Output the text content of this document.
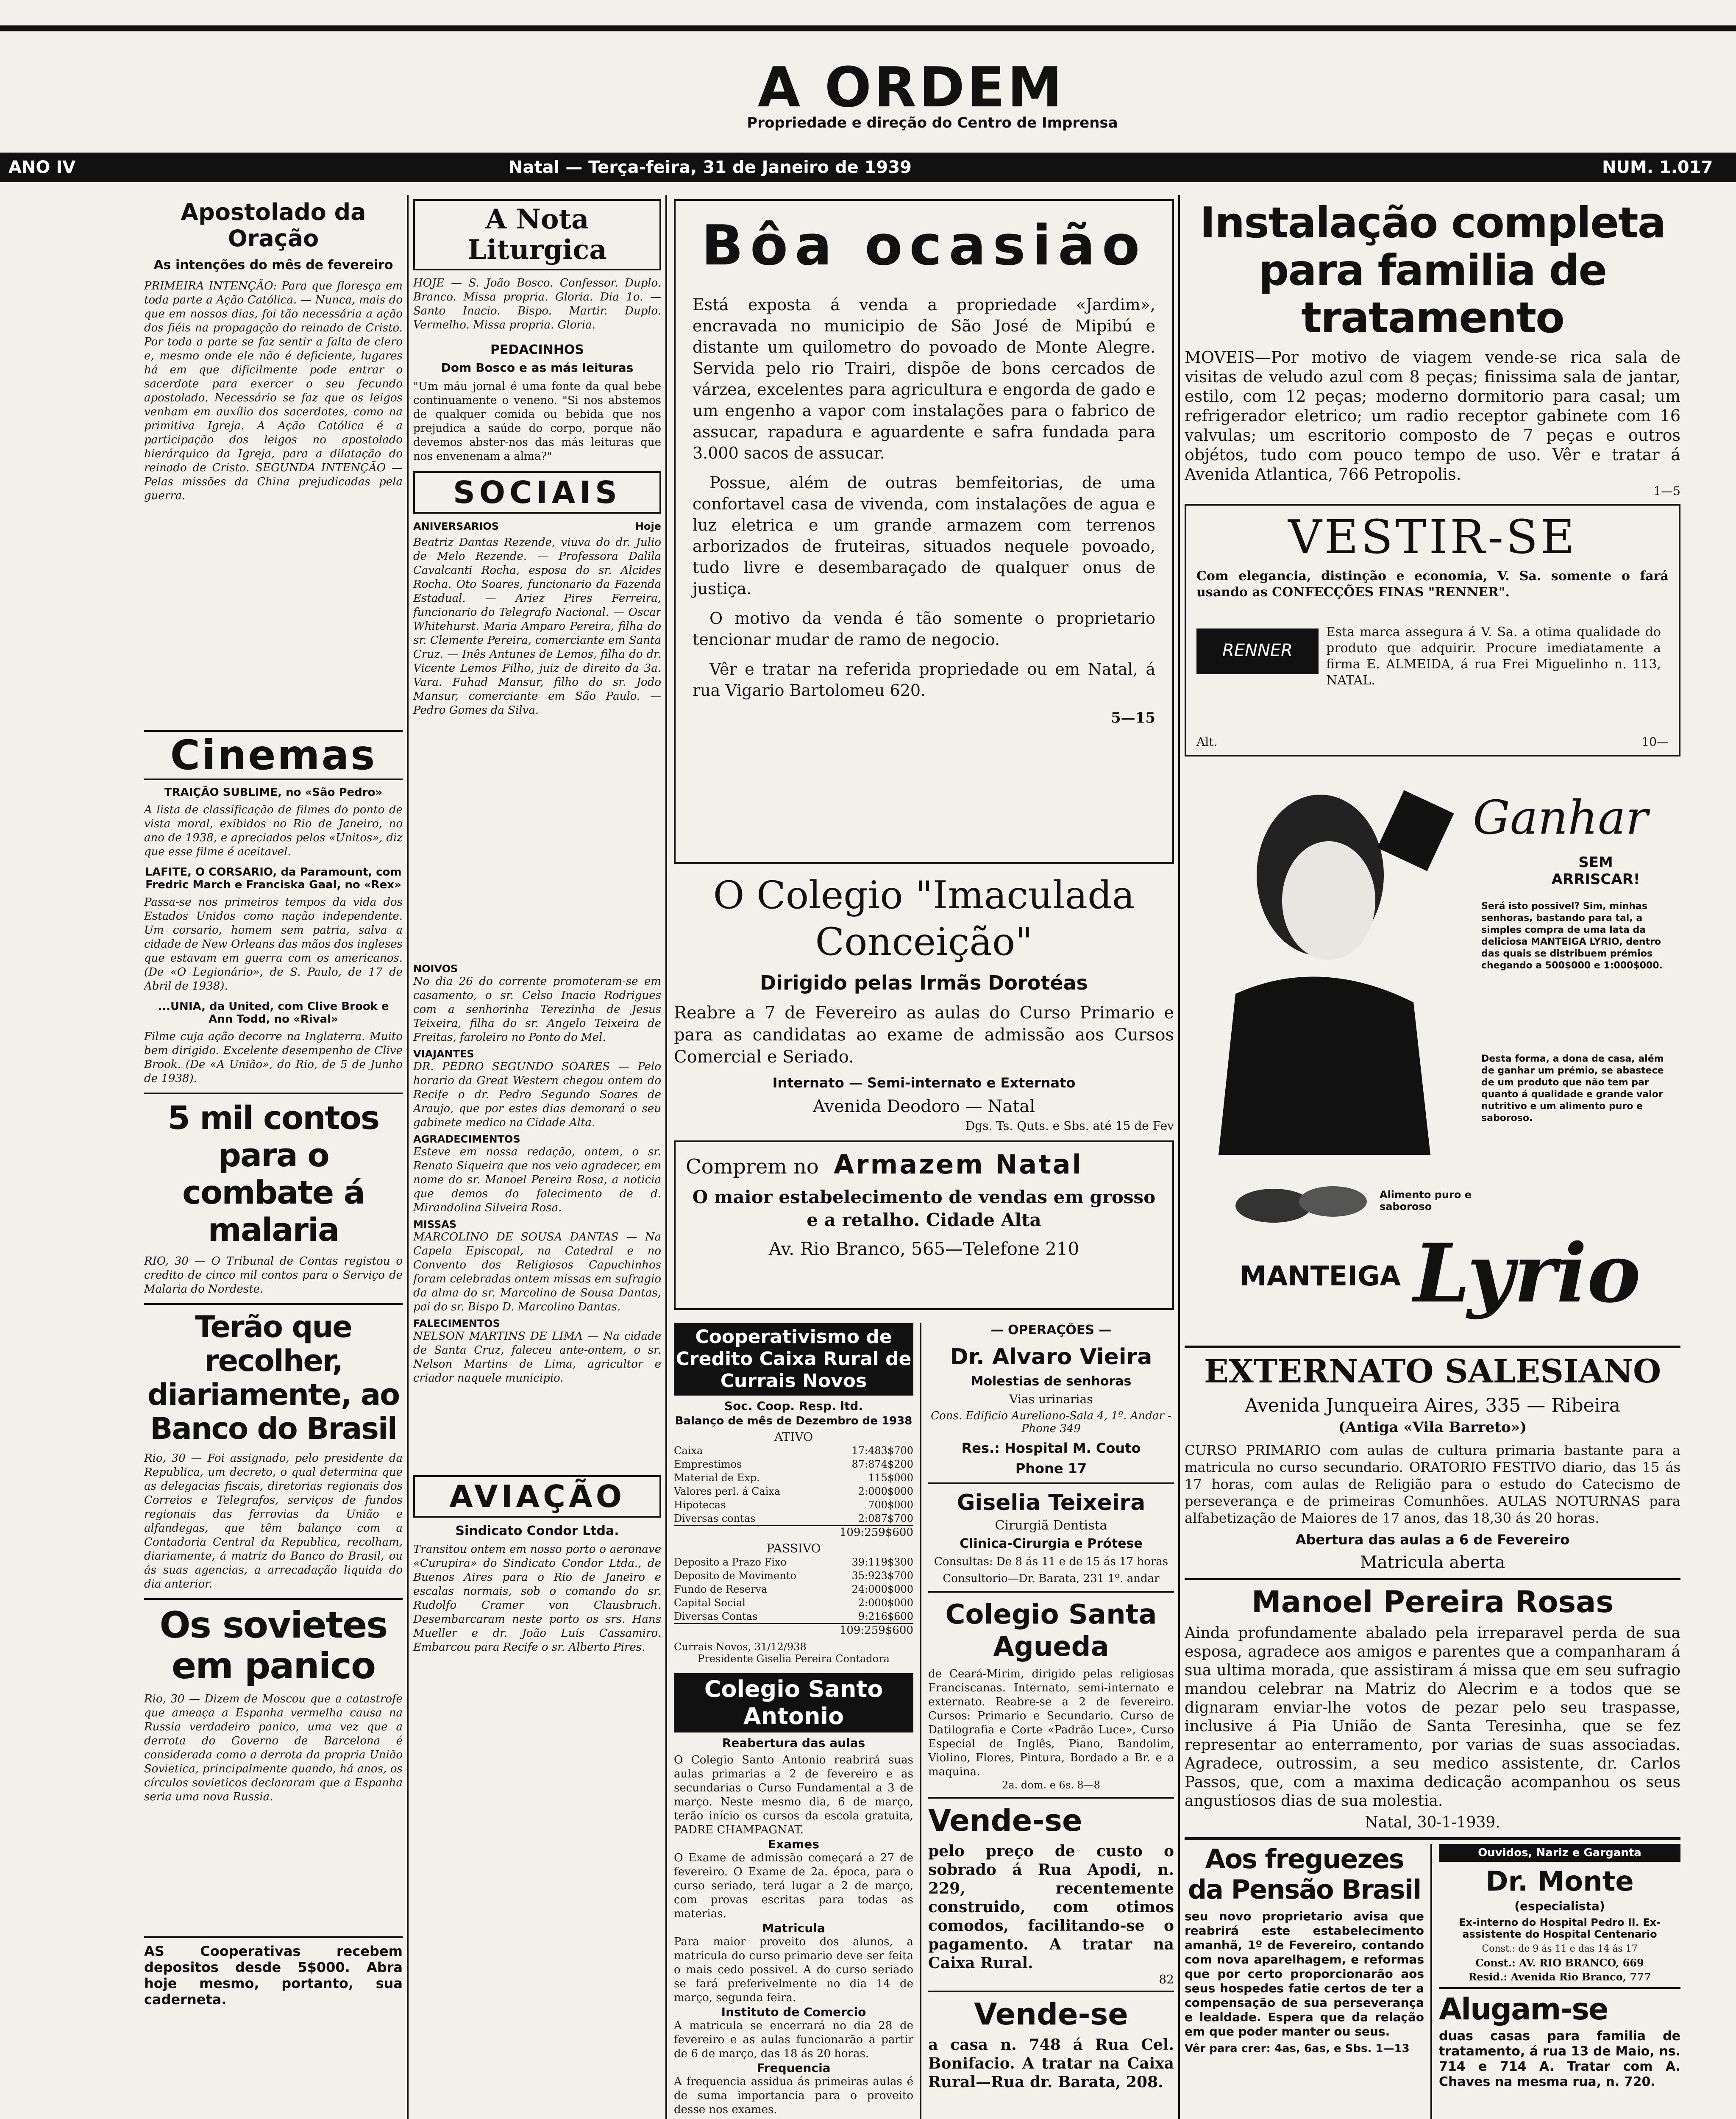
A ORDEM
Propriedade e direção do Centro de Imprensa
ANO IV	Natal — Terça-feira, 31 de Janeiro de 1939	NUM. 1.017
Apostolado da Oração
As intenções do mês de fevereiro

PRIMEIRA INTENÇÃO: Para que floresça em toda parte a Ação Católica. — Nunca, mais do que em nossos dias, foi tão necessária a ação dos fiéis na propagação do reinado de Cristo. Por toda a parte se faz sentir a falta de clero e, mesmo onde ele não é deficiente, lugares há em que dificilmente pode entrar o sacerdote para exercer o seu fecundo apostolado. Necessário se faz que os leigos venham em auxílio dos sacerdotes, como na primitiva Igreja. A Ação Católica é a participação dos leigos no apostolado hierárquico da Igreja, para a dilatação do reinado de Cristo. SEGUNDA INTENÇÃO — Pelas missões da China prejudicadas pela guerra.

Cinemas
TRAIÇÃO SUBLIME, no «São Pedro»

A lista de classificação de filmes do ponto de vista moral, exibidos no Rio de Janeiro, no ano de 1938, e apreciados pelos «Unitos», diz que esse filme é aceitavel.

LAFITE, O CORSARIO, da Paramount, com Fredric March e Franciska Gaal, no «Rex»

Passa-se nos primeiros tempos da vida dos Estados Unidos como nação independente. Um corsario, homem sem patria, salva a cidade de New Orleans das mãos dos ingleses que estavam em guerra com os americanos. (De «O Legionário», de S. Paulo, de 17 de Abril de 1938).

...UNIA, da United, com Clive Brook e Ann Todd, no «Rival»

Filme cuja ação decorre na Inglaterra. Muito bem dirigido. Excelente desempenho de Clive Brook. (De «A União», do Rio, de 5 de Junho de 1938).

5 mil contos para o combate á malaria

RIO, 30 — O Tribunal de Contas registou o credito de cinco mil contos para o Serviço de Malaria do Nordeste.

Terão que recolher, diariamente, ao Banco do Brasil

Rio, 30 — Foi assignado, pelo presidente da Republica, um decreto, o qual determina que as delegacias fiscais, diretorias regionais dos Correios e Telegrafos, serviços de fundos regionais das ferrovias da União e alfandegas, que têm balanço com a Contadoria Central da Republica, recolham, diariamente, á matriz do Banco do Brasil, ou ás suas agencias, a arrecadação liquida do dia anterior.

Os sovietes em panico

Rio, 30 — Dizem de Moscou que a catastrofe que ameaça a Espanha vermelha causa na Russia verdadeiro panico, uma vez que a derrota do Governo de Barcelona é considerada como a derrota da propria União Sovietica, principalmente quando, há anos, os círculos sovieticos declararam que a Espanha seria uma nova Russia.

AS Cooperativas recebem depositos desde 5$000. Abra hoje mesmo, portanto, sua caderneta.

A Nota Liturgica

HOJE — S. João Bosco. Confessor. Duplo. Branco. Missa propria. Gloria. Dia 1o. — Santo Inacio. Bispo. Martir. Duplo. Vermelho. Missa propria. Gloria.

PEDACINHOS
Dom Bosco e as más leituras

"Um máu jornal é uma fonte da qual bebe continuamente o veneno. "Si nos abstemos de qualquer comida ou bebida que nos prejudica a saúde do corpo, porque não devemos abster-nos das más leituras que nos envenenam a alma?"

SOCIAIS
ANIVERSARIOS	Hoje

Beatriz Dantas Rezende, viuva do dr. Julio de Melo Rezende. — Professora Dalila Cavalcanti Rocha, esposa do sr. Alcides Rocha. Oto Soares, funcionario da Fazenda Estadual. — Ariez Pires Ferreira, funcionario do Telegrafo Nacional. — Oscar Whitehurst. Maria Amparo Pereira, filha do sr. Clemente Pereira, comerciante em Santa Cruz. — Inês Antunes de Lemos, filha do dr. Vicente Lemos Filho, juiz de direito da 3a. Vara. Fuhad Mansur, filho do sr. Jodo Mansur, comerciante em São Paulo. — Pedro Gomes da Silva.

NOIVOS

No dia 26 do corrente promoteram-se em casamento, o sr. Celso Inacio Rodrigues com a senhorinha Terezinha de Jesus Teixeira, filha do sr. Angelo Teixeira de Freitas, faroleiro no Ponto do Mel.

VIAJANTES

DR. PEDRO SEGUNDO SOARES — Pelo horario da Great Western chegou ontem do Recife o dr. Pedro Segundo Soares de Araujo, que por estes dias demorará o seu gabinete medico na Cidade Alta.

AGRADECIMENTOS

Esteve em nossa redação, ontem, o sr. Renato Siqueira que nos veio agradecer, em nome do sr. Manoel Pereira Rosa, a noticia que demos do falecimento de d. Mirandolina Silveira Rosa.

MISSAS

MARCOLINO DE SOUSA DANTAS — Na Capela Episcopal, na Catedral e no Convento dos Religiosos Capuchinhos foram celebradas ontem missas em sufragio da alma do sr. Marcolino de Sousa Dantas, pai do sr. Bispo D. Marcolino Dantas.

FALECIMENTOS

NELSON MARTINS DE LIMA — Na cidade de Santa Cruz, faleceu ante-ontem, o sr. Nelson Martins de Lima, agricultor e criador naquele municipio.

AVIAÇÃO
Sindicato Condor Ltda.

Transitou ontem em nosso porto o aeronave «Curupira» do Sindicato Condor Ltda., de Buenos Aires para o Rio de Janeiro e escalas normais, sob o comando do sr. Rudolfo Cramer von Clausbruch. Desembarcaram neste porto os srs. Hans Mueller e dr. João Luís Cassamiro. Embarcou para Recife o sr. Alberto Pires.

Bôa ocasião

Está exposta á venda a propriedade «Jardim», encravada no municipio de São José de Mipibú e distante um quilometro do povoado de Monte Alegre. Servida pelo rio Trairi, dispõe de bons cercados de várzea, excelentes para agricultura e engorda de gado e um engenho a vapor com instalações para o fabrico de assucar, rapadura e aguardente e safra fundada para 3.000 sacos de assucar.

Possue, além de outras bemfeitorias, de uma confortavel casa de vivenda, com instalações de agua e luz eletrica e um grande armazem com terrenos arborizados de fruteiras, situados nequele povoado, tudo livre e desembaraçado de qualquer onus de justiça.

O motivo da venda é tão somente o proprietario tencionar mudar de ramo de negocio.

Vêr e tratar na referida propriedade ou em Natal, á rua Vigario Bartolomeu 620.

5—15
O Colegio "Imaculada Conceição"
Dirigido pelas Irmãs Dorotéas

Reabre a 7 de Fevereiro as aulas do Curso Primario e para as candidatas ao exame de admissão aos Cursos Comercial e Seriado.

Internato — Semi-internato e Externato
Avenida Deodoro — Natal
Dgs. Ts. Quts. e Sbs. até 15 de Fev
Comprem no Armazem Natal

O maior estabelecimento de vendas em grosso e a retalho. Cidade Alta

Av. Rio Branco, 565—Telefone 210
Cooperativismo de Credito Caixa Rural de Currais Novos
Soc. Coop. Resp. ltd.
Balanço de mês de Dezembro de 1938
ATIVO
Caixa	17:483$700
Emprestimos	87:874$200
Material de Exp.	115$000
Valores perl. á Caixa	2:000$000
Hipotecas	700$000
Diversas contas	2:087$700
109:259$600
PASSIVO
Deposito a Prazo Fixo	39:119$300
Deposito de Movimento	35:923$700
Fundo de Reserva	24:000$000
Capital Social	2:000$000
Diversas Contas	9:216$600
109:259$600
Currais Novos, 31/12/938
Presidente Giselia Pereira Contadora
Colegio Santo Antonio
Reabertura das aulas

O Colegio Santo Antonio reabrirá suas aulas primarias a 2 de fevereiro e as secundarias o Curso Fundamental a 3 de março. Neste mesmo dia, 6 de março, terão início os cursos da escola gratuita, PADRE CHAMPAGNAT.

Exames

O Exame de admissão começará a 27 de fevereiro. O Exame de 2a. época, para o curso seriado, terá lugar a 2 de março, com provas escritas para todas as materias.

Matricula

Para maior proveito dos alunos, a matricula do curso primario deve ser feita o mais cedo possivel. A do curso seriado se fará preferivelmente no dia 14 de março, segunda feira.

Instituto de Comercio

A matricula se encerrará no dia 28 de fevereiro e as aulas funcionarão a partir de 6 de março, das 18 ás 20 horas.

Frequencia

A frequencia assidua ás primeiras aulas é de suma importancia para o proveito desse nos exames.

— OPERAÇÕES —
Dr. Alvaro Vieira
Molestias de senhoras
Vias urinarias
Cons. Edificio Aureliano-Sala 4, 1º. Andar - Phone 349
Res.: Hospital M. Couto
Phone 17
Giselia Teixeira
Cirurgiã Dentista
Clinica-Cirurgia e Prótese
Consultas: De 8 ás 11 e de 15 ás 17 horas
Consultorio—Dr. Barata, 231 1º. andar
Colegio Santa Agueda

de Ceará-Mirim, dirigido pelas religiosas Franciscanas. Internato, semi-internato e externato. Reabre-se a 2 de fevereiro. Cursos: Primario e Secundario. Curso de Datilografia e Corte «Padrão Luce», Curso Especial de Inglês, Piano, Bandolim, Violino, Flores, Pintura, Bordado a Br. e a maquina.

2a. dom. e 6s. 8—8
Vende-se

pelo preço de custo o sobrado á Rua Apodi, n. 229, recentemente construido, com otimos comodos, facilitando-se o pagamento. A tratar na Caixa Rural.

82
Vende-se

a casa n. 748 á Rua Cel. Bonifacio. A tratar na Caixa Rural—Rua dr. Barata, 208.

Instalação completa para familia de tratamento

MOVEIS—Por motivo de viagem vende-se rica sala de visitas de veludo azul com 8 peças; finissima sala de jantar, estilo, com 12 peças; moderno dormitorio para casal; um refrigerador eletrico; um radio receptor gabinete com 16 valvulas; um escritorio composto de 7 peças e outros objétos, tudo com pouco tempo de uso. Vêr e tratar á Avenida Atlantica, 766 Petropolis.

1—5
VESTIR-SE

Com elegancia, distinção e economia, V. Sa. somente o fará usando as CONFECÇÕES FINAS "RENNER".

RENNER

Esta marca assegura á V. Sa. a otima qualidade do produto que adquirir. Procure imediatamente a firma E. ALMEIDA, á rua Frei Miguelinho n. 113, NATAL.

Alt.	10—
Ganhar
SEM ARRISCAR!

Será isto possivel? Sim, minhas senhoras, bastando para tal, a simples compra de uma lata da deliciosa MANTEIGA LYRIO, dentro das quais se distribuem prémios chegando a 500$000 e 1:000$000.

Desta forma, a dona de casa, além de ganhar um prémio, se abastece de um produto que não tem par quanto á qualidade e grande valor nutritivo e um alimento puro e saboroso.

Alimento puro e saboroso
MANTEIGA Lyrio
EXTERNATO SALESIANO
Avenida Junqueira Aires, 335 — Ribeira
(Antiga «Vila Barreto»)

CURSO PRIMARIO com aulas de cultura primaria bastante para a matricula no curso secundario. ORATORIO FESTIVO diario, das 15 ás 17 horas, com aulas de Religião para o estudo do Catecismo de perseverança e de primeiras Comunhões. AULAS NOTURNAS para alfabetização de Maiores de 17 anos, das 18,30 ás 20 horas.

Abertura das aulas a 6 de Fevereiro
Matricula aberta
Manoel Pereira Rosas

Ainda profundamente abalado pela irreparavel perda de sua esposa, agradece aos amigos e parentes que a companharam á sua ultima morada, que assistiram á missa que em seu sufragio mandou celebrar na Matriz do Alecrim e a todos que se dignaram enviar-lhe votos de pezar pelo seu traspasse, inclusive á Pia União de Santa Teresinha, que se fez representar ao enterramento, por varias de suas associadas. Agradece, outrossim, a seu medico assistente, dr. Carlos Passos, que, com a maxima dedicação acompanhou os seus angustiosos dias de sua molestia.

Natal, 30-1-1939.
Aos freguezes da Pensão Brasil

seu novo proprietario avisa que reabrirá este estabelecimento amanhã, 1º de Fevereiro, contando com nova aparelhagem, e reformas que por certo proporcionarão aos seus hospedes fatie certos de ter a compensação de sua perseverança e lealdade. Espera que da relação em que poder manter ou seus.

Vêr para crer: 4as, 6as, e Sbs. 1—13
Ouvidos, Nariz e Garganta
Dr. Monte
(especialista)

Ex-interno do Hospital Pedro II. Ex-assistente do Hospital Centenario

Const.: de 9 ás 11 e das 14 ás 17
Const.: AV. RIO BRANCO, 669
Resid.: Avenida Rio Branco, 777
Alugam-se

duas casas para familia de tratamento, á rua 13 de Maio, ns. 714 e 714 A. Tratar com A. Chaves na mesma rua, n. 720.
